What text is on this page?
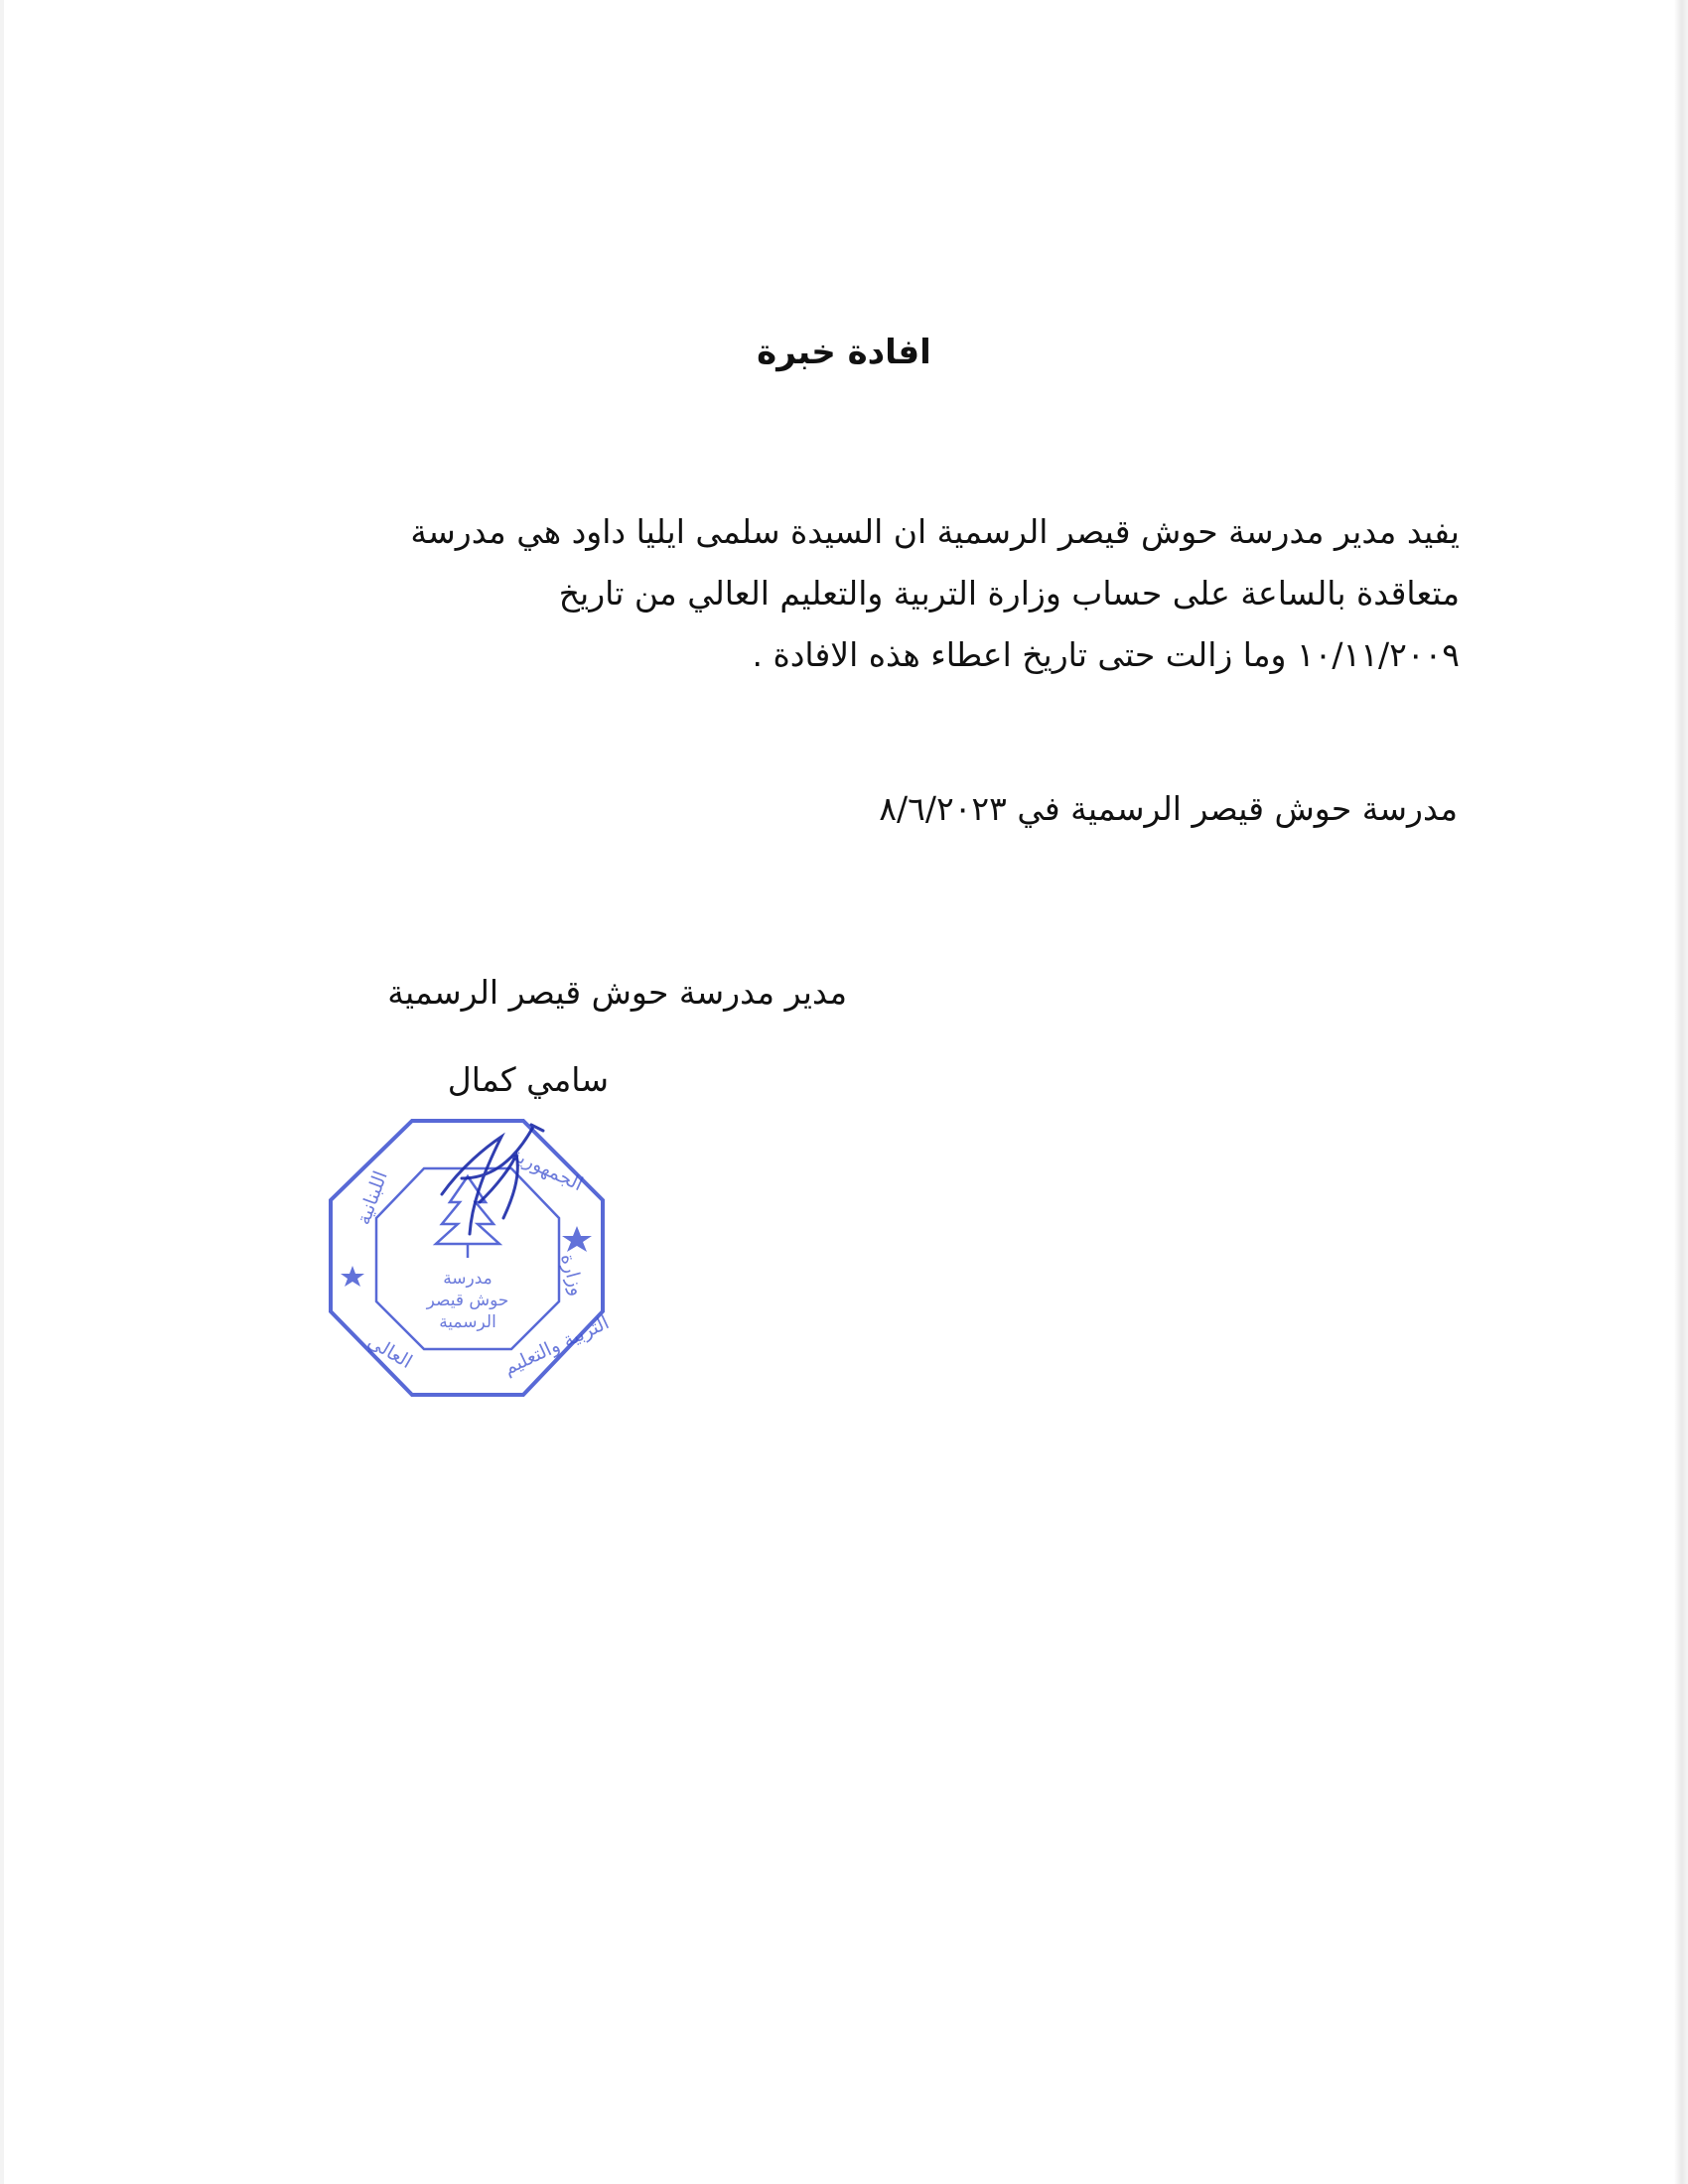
افادة خبرة

يفيد مدير مدرسة حوش قيصر الرسمية ان السيدة سلمى ايليا داود هي مدرسة
متعاقدة بالساعة على حساب وزارة التربية والتعليم العالي من تاريخ
١٠/١١/٢٠٠٩ وما زالت حتى تاريخ اعطاء هذه الافادة .

مدرسة حوش قيصر الرسمية في ٨/٦/٢٠٢٣
مدير مدرسة حوش قيصر الرسمية
سامي كمال
الجمهورية
اللبنانية
وزارة
التربية والتعليم
العالي
مدرسة
حوش قيصر
الرسمية
